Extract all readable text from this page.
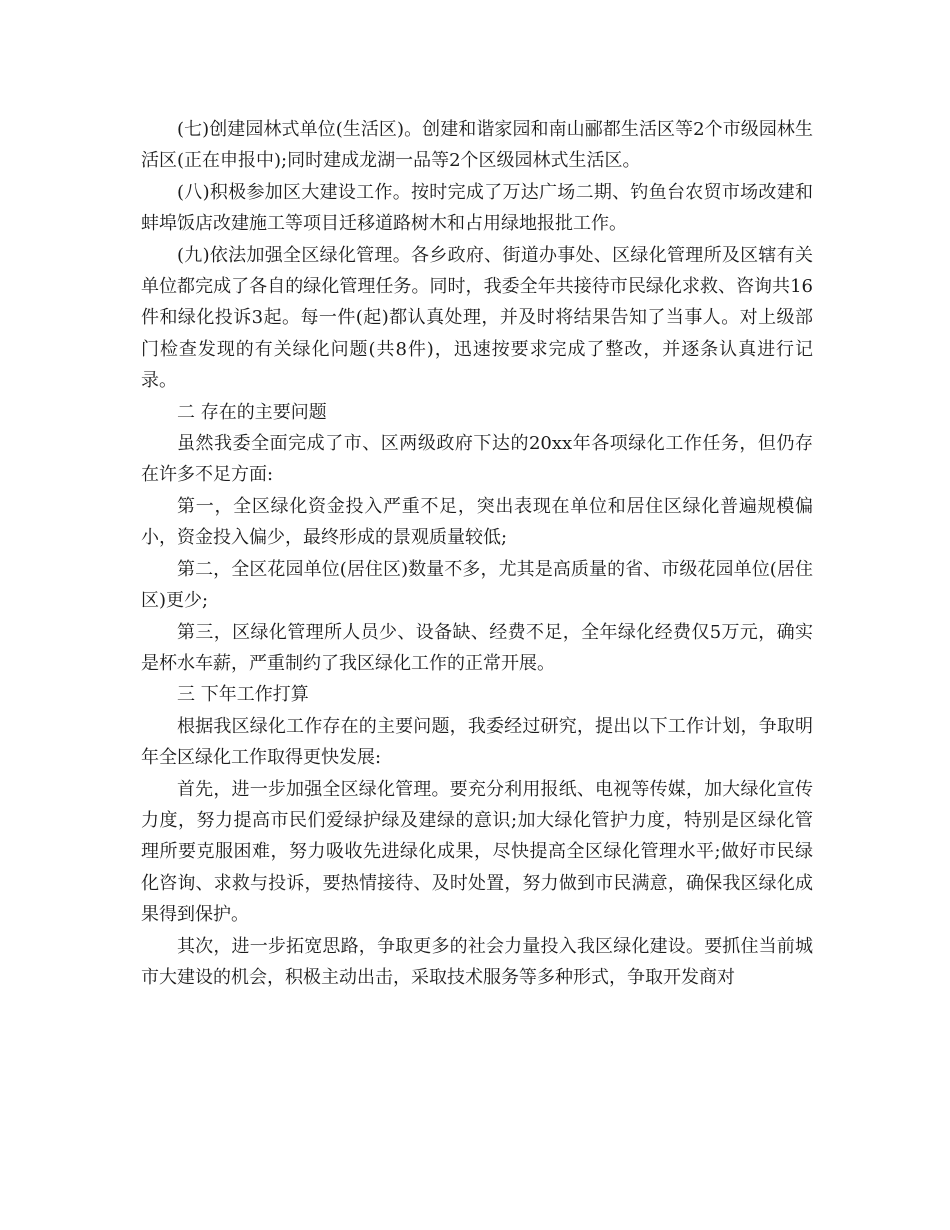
(七)创建园林式单位(生活区)。创建和谐家园和南山郦都生活区等2个市级园林生活区(正在申报中);同时建成龙湖一品等2个区级园林式生活区。

(八)积极参加区大建设工作。按时完成了万达广场二期、钓鱼台农贸市场改建和蚌埠饭店改建施工等项目迁移道路树木和占用绿地报批工作。

(九)依法加强全区绿化管理。各乡政府、街道办事处、区绿化管理所及区辖有关单位都完成了各自的绿化管理任务。同时，我委全年共接待市民绿化求救、咨询共16件和绿化投诉3起。每一件(起)都认真处理，并及时将结果告知了当事人。对上级部门检查发现的有关绿化问题(共8件)，迅速按要求完成了整改，并逐条认真进行记录。

二 存在的主要问题

虽然我委全面完成了市、区两级政府下达的20xx年各项绿化工作任务，但仍存在许多不足方面:

第一，全区绿化资金投入严重不足，突出表现在单位和居住区绿化普遍规模偏小，资金投入偏少，最终形成的景观质量较低;

第二，全区花园单位(居住区)数量不多，尤其是高质量的省、市级花园单位(居住区)更少;

第三，区绿化管理所人员少、设备缺、经费不足，全年绿化经费仅5万元，确实是杯水车薪，严重制约了我区绿化工作的正常开展。

三 下年工作打算

根据我区绿化工作存在的主要问题，我委经过研究，提出以下工作计划，争取明年全区绿化工作取得更快发展:

首先，进一步加强全区绿化管理。要充分利用报纸、电视等传媒，加大绿化宣传力度，努力提高市民们爱绿护绿及建绿的意识;加大绿化管护力度，特别是区绿化管理所要克服困难，努力吸收先进绿化成果，尽快提高全区绿化管理水平;做好市民绿化咨询、求救与投诉，要热情接待、及时处置，努力做到市民满意，确保我区绿化成果得到保护。

其次，进一步拓宽思路，争取更多的社会力量投入我区绿化建设。要抓住当前城市大建设的机会，积极主动出击，采取技术服务等多种形式，争取开发商对
